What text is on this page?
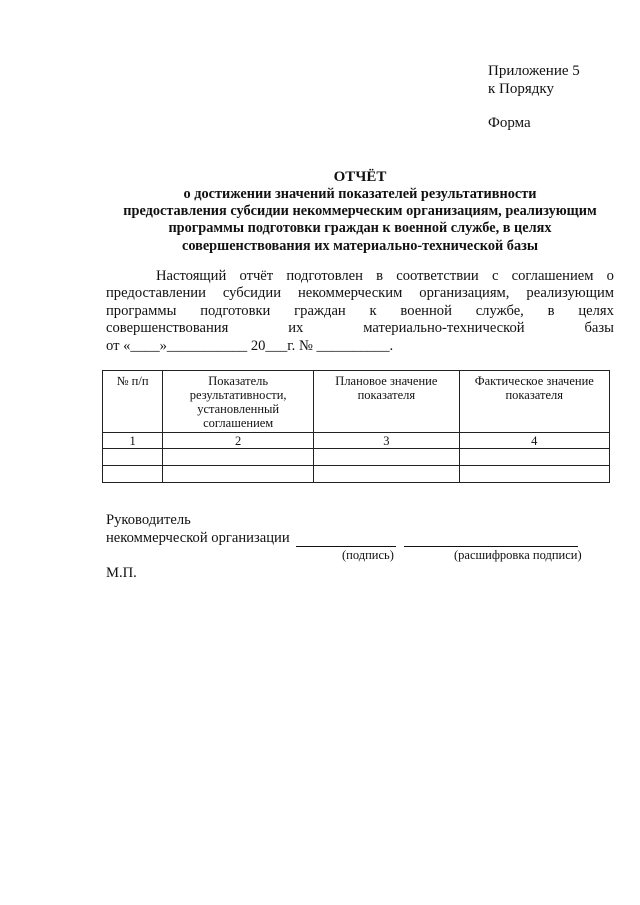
Приложение 5
к Порядку
Форма
ОТЧЁТ
о достижении значений показателей результативности
предоставления субсидии некоммерческим организациям, реализующим
программы подготовки граждан к военной службе, в целях
совершенствования их материально-технической базы
Настоящий отчёт подготовлен в соответствии с соглашением о
предоставлении субсидии некоммерческим организациям, реализующим
программы подготовки граждан к военной службе, в целях
совершенствования	их	материально-технической	базы
от «____»___________ 20___г. № __________.
№ п/п	Показатель результативности, установленный соглашением	Плановое значение показателя	Фактическое значение показателя
1	2	3	4

Руководитель
некоммерческой организации
(подпись)	(расшифровка подписи)
М.П.
